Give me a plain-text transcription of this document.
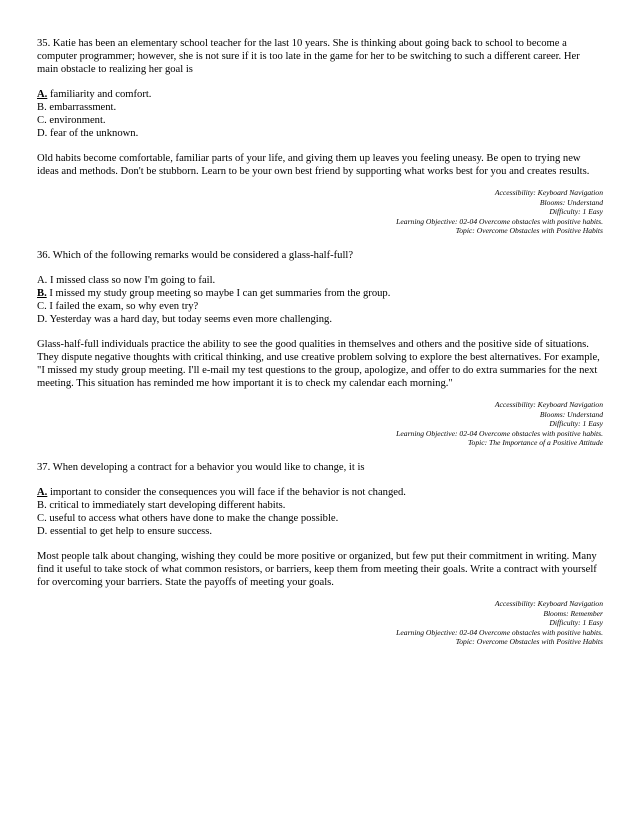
35. Katie has been an elementary school teacher for the last 10 years. She is thinking about going back to school to become a computer programmer; however, she is not sure if it is too late in the game for her to be switching to such a different career. Her main obstacle to realizing her goal is

A. familiarity and comfort.
B. embarrassment.
C. environment.
D. fear of the unknown.

Old habits become comfortable, familiar parts of your life, and giving them up leaves you feeling uneasy. Be open to trying new ideas and methods. Don't be stubborn. Learn to be your own best friend by supporting what works best for you and creates results.

Accessibility: Keyboard Navigation
Blooms: Understand
Difficulty: 1 Easy
Learning Objective: 02-04 Overcome obstacles with positive habits.
Topic: Overcome Obstacles with Positive Habits

36. Which of the following remarks would be considered a glass-half-full?

A. I missed class so now I'm going to fail.
B. I missed my study group meeting so maybe I can get summaries from the group.
C. I failed the exam, so why even try?
D. Yesterday was a hard day, but today seems even more challenging.

Glass-half-full individuals practice the ability to see the good qualities in themselves and others and the positive side of situations. They dispute negative thoughts with critical thinking, and use creative problem solving to explore the best alternatives. For example, "I missed my study group meeting. I'll e-mail my test questions to the group, apologize, and offer to do extra summaries for the next meeting. This situation has reminded me how important it is to check my calendar each morning."

Accessibility: Keyboard Navigation
Blooms: Understand
Difficulty: 1 Easy
Learning Objective: 02-04 Overcome obstacles with positive habits.
Topic: The Importance of a Positive Attitude

37. When developing a contract for a behavior you would like to change, it is

A. important to consider the consequences you will face if the behavior is not changed.
B. critical to immediately start developing different habits.
C. useful to access what others have done to make the change possible.
D. essential to get help to ensure success.

Most people talk about changing, wishing they could be more positive or organized, but few put their commitment in writing. Many find it useful to take stock of what common resistors, or barriers, keep them from meeting their goals. Write a contract with yourself for overcoming your barriers. State the payoffs of meeting your goals.

Accessibility: Keyboard Navigation
Blooms: Remember
Difficulty: 1 Easy
Learning Objective: 02-04 Overcome obstacles with positive habits.
Topic: Overcome Obstacles with Positive Habits
